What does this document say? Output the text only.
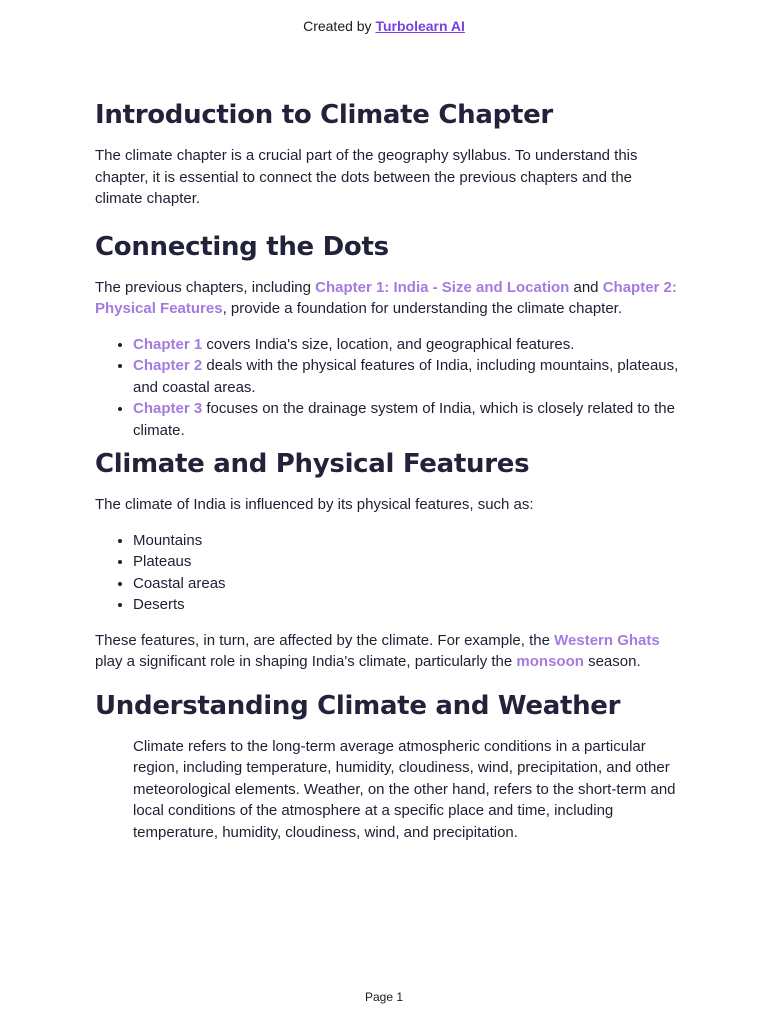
Created by Turbolearn AI
Introduction to Climate Chapter

The climate chapter is a crucial part of the geography syllabus. To understand this chapter, it is essential to connect the dots between the previous chapters and the climate chapter.

Connecting the Dots

The previous chapters, including Chapter 1: India - Size and Location and Chapter 2: Physical Features, provide a foundation for understanding the climate chapter.

• Chapter 1 covers India's size, location, and geographical features.
• Chapter 2 deals with the physical features of India, including mountains, plateaus, and coastal areas.
• Chapter 3 focuses on the drainage system of India, which is closely related to the climate.
Climate and Physical Features

The climate of India is influenced by its physical features, such as:

• Mountains
• Plateaus
• Coastal areas
• Deserts

These features, in turn, are affected by the climate. For example, the Western Ghats play a significant role in shaping India's climate, particularly the monsoon season.

Understanding Climate and Weather

Climate refers to the long-term average atmospheric conditions in a particular region, including temperature, humidity, cloudiness, wind, precipitation, and other meteorological elements. Weather, on the other hand, refers to the short-term and local conditions of the atmosphere at a specific place and time, including temperature, humidity, cloudiness, wind, and precipitation.

Page 1
